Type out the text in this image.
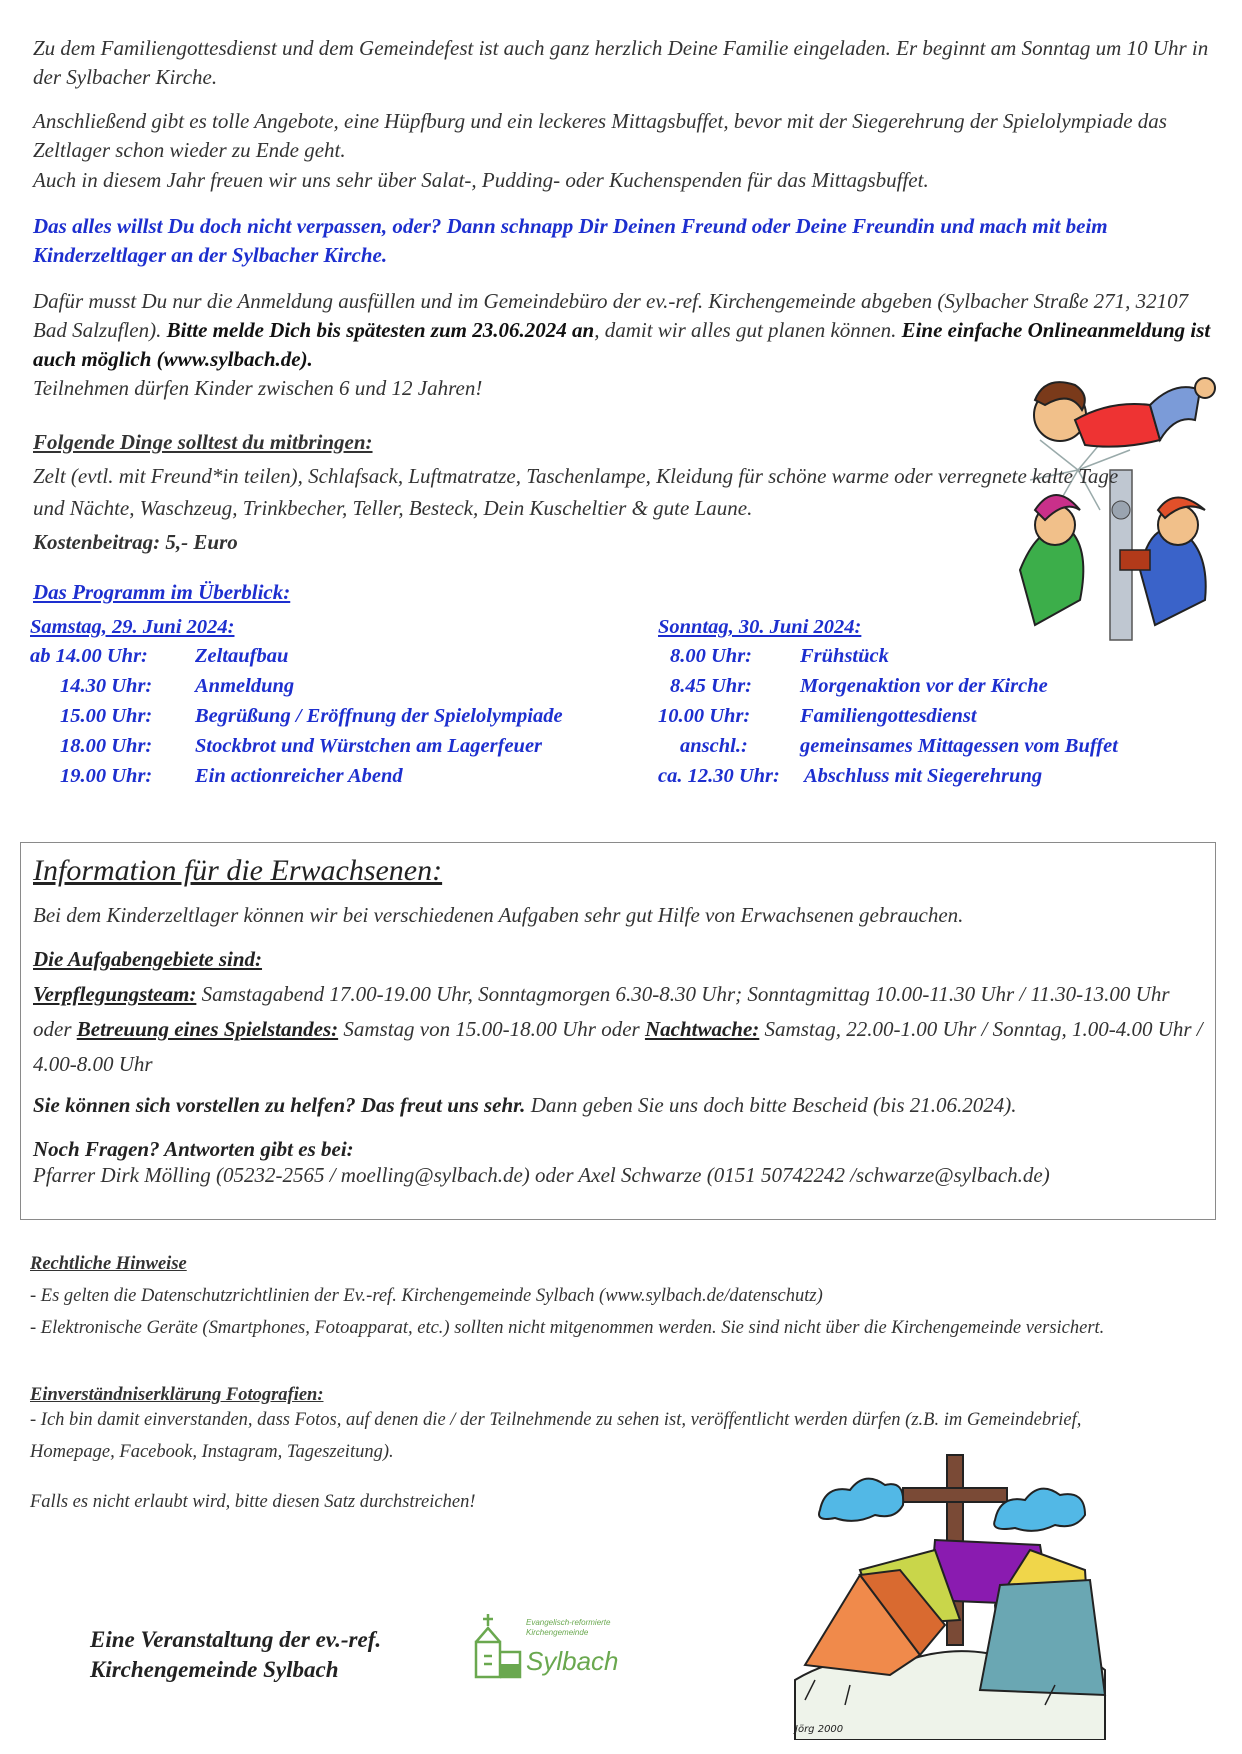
Zu dem Familiengottesdienst und dem Gemeindefest ist auch ganz herzlich Deine Familie eingeladen. Er beginnt am Sonntag um 10 Uhr in der Sylbacher Kirche.

Anschließend gibt es tolle Angebote, eine Hüpfburg und ein leckeres Mittagsbuffet, bevor mit der Siegerehrung der Spielolympiade das Zeltlager schon wieder zu Ende geht.

Auch in diesem Jahr freuen wir uns sehr über Salat-, Pudding- oder Kuchenspenden für das Mittagsbuffet.

Das alles willst Du doch nicht verpassen, oder? Dann schnapp Dir Deinen Freund oder Deine Freundin und mach mit beim Kinderzeltlager an der Sylbacher Kirche.

Dafür musst Du nur die Anmeldung ausfüllen und im Gemeindebüro der ev.-ref. Kirchengemeinde abgeben (Sylbacher Straße 271, 32107 Bad Salzuflen). Bitte melde Dich bis spätesten zum 23.06.2024 an, damit wir alles gut planen können. Eine einfache Onlineanmeldung ist auch möglich (www.sylbach.de).

Teilnehmen dürfen Kinder zwischen 6 und 12 Jahren!

Folgende Dinge solltest du mitbringen:

Zelt (evtl. mit Freund*in teilen), Schlafsack, Luftmatratze, Taschenlampe, Kleidung für schöne warme oder verregnete kalte Tage und Nächte, Waschzeug, Trinkbecher, Teller, Besteck, Dein Kuscheltier & gute Laune.

Kostenbeitrag: 5,- Euro

Das Programm im Überblick:

Samstag, 29. Juni 2024:
ab 14.00 Uhr:	Zeltaufbau
14.30 Uhr:	Anmeldung
15.00 Uhr:	Begrüßung / Eröffnung der Spielolympiade
18.00 Uhr:	Stockbrot und Würstchen am Lagerfeuer
19.00 Uhr:	Ein actionreicher Abend
Sonntag, 30. Juni 2024:
8.00 Uhr:	Frühstück
8.45 Uhr:	Morgenaktion vor der Kirche
10.00 Uhr:	Familiengottesdienst
anschl.:	gemeinsames Mittagessen vom Buffet
ca. 12.30 Uhr:	Abschluss mit Siegerehrung

Information für die Erwachsenen:

Bei dem Kinderzeltlager können wir bei verschiedenen Aufgaben sehr gut Hilfe von Erwachsenen gebrauchen.

Die Aufgabengebiete sind:

Verpflegungsteam: Samstagabend 17.00-19.00 Uhr, Sonntagmorgen 6.30-8.30 Uhr; Sonntagmittag 10.00-11.30 Uhr / 11.30-13.00 Uhr oder Betreuung eines Spielstandes: Samstag von 15.00-18.00 Uhr oder Nachtwache: Samstag, 22.00-1.00 Uhr / Sonntag, 1.00-4.00 Uhr / 4.00-8.00 Uhr

Sie können sich vorstellen zu helfen? Das freut uns sehr. Dann geben Sie uns doch bitte Bescheid (bis 21.06.2024).

Noch Fragen? Antworten gibt es bei:

Pfarrer Dirk Mölling (05232-2565 / moelling@sylbach.de) oder Axel Schwarze (0151 50742242 /schwarze@sylbach.de)

Rechtliche Hinweise

- Es gelten die Datenschutzrichtlinien der Ev.-ref. Kirchengemeinde Sylbach (www.sylbach.de/datenschutz)

- Elektronische Geräte (Smartphones, Fotoapparat, etc.) sollten nicht mitgenommen werden. Sie sind nicht über die Kirchengemeinde versichert.

Einverständniserklärung Fotografien:

- Ich bin damit einverstanden, dass Fotos, auf denen die / der Teilnehmende zu sehen ist, veröffentlicht werden dürfen (z.B. im Gemeindebrief, Homepage, Facebook, Instagram, Tageszeitung).

Falls es nicht erlaubt wird, bitte diesen Satz durchstreichen!

Jörg 2000
Eine Veranstaltung der ev.-ref.
Kirchengemeinde Sylbach
Evangelisch-reformierte
Kirchengemeinde
Sylbach
